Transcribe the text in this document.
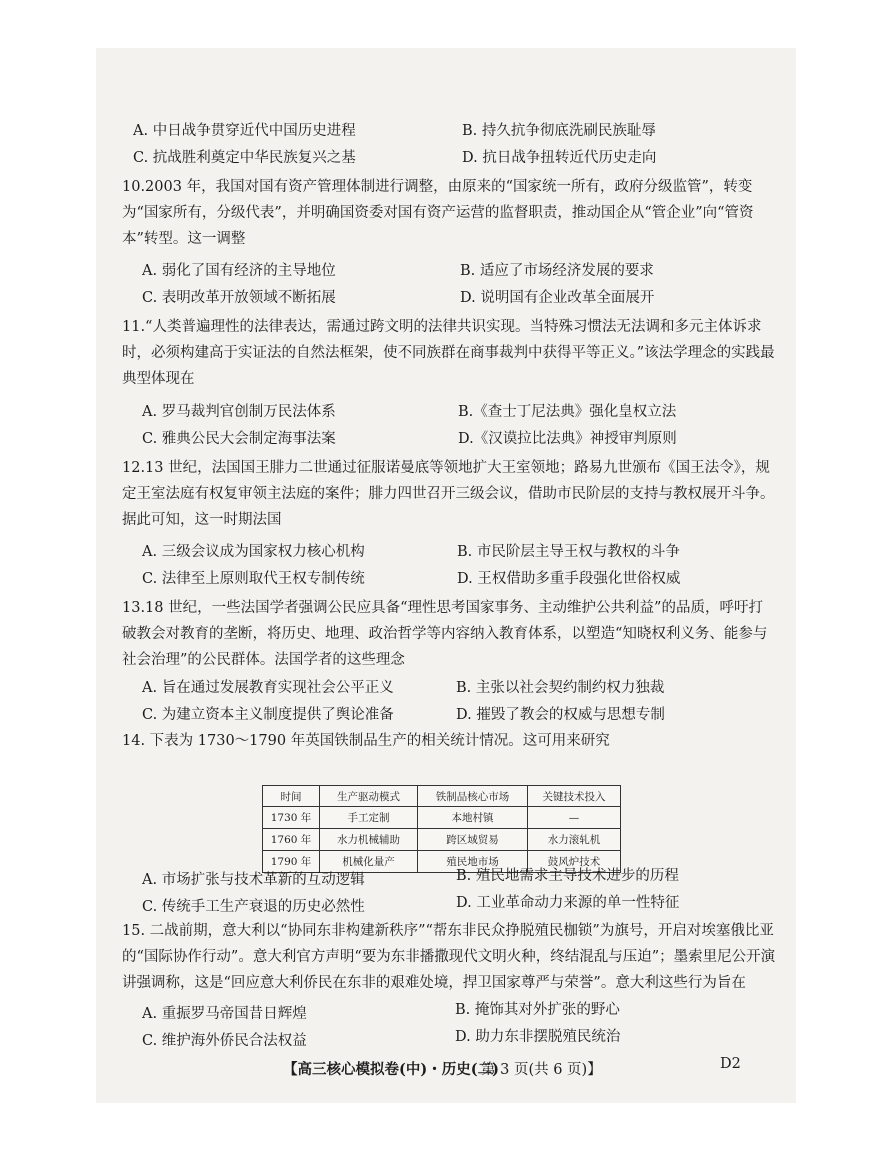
A. 中日战争贯穿近代中国历史进程	B. 持久抗争彻底洗刷民族耻辱
C. 抗战胜利奠定中华民族复兴之基	D. 抗日战争扭转近代历史走向
10.2003 年，我国对国有资产管理体制进行调整，由原来的“国家统一所有，政府分级监管”，转变为“国家所有，分级代表”，并明确国资委对国有资产运营的监督职责，推动国企从“管企业”向“管资本”转型。这一调整
A. 弱化了国有经济的主导地位	B. 适应了市场经济发展的要求
C. 表明改革开放领域不断拓展	D. 说明国有企业改革全面展开
11.“人类普遍理性的法律表达，需通过跨文明的法律共识实现。当特殊习惯法无法调和多元主体诉求时，必须构建高于实证法的自然法框架，使不同族群在商事裁判中获得平等正义。”该法学理念的实践最典型体现在
A. 罗马裁判官创制万民法体系	B.《查士丁尼法典》强化皇权立法
C. 雅典公民大会制定海事法案	D.《汉谟拉比法典》神授审判原则
12.13 世纪，法国国王腓力二世通过征服诺曼底等领地扩大王室领地；路易九世颁布《国王法令》，规定王室法庭有权复审领主法庭的案件；腓力四世召开三级会议，借助市民阶层的支持与教权展开斗争。据此可知，这一时期法国
A. 三级会议成为国家权力核心机构	B. 市民阶层主导王权与教权的斗争
C. 法律至上原则取代王权专制传统	D. 王权借助多重手段强化世俗权威
13.18 世纪，一些法国学者强调公民应具备“理性思考国家事务、主动维护公共利益”的品质，呼吁打破教会对教育的垄断，将历史、地理、政治哲学等内容纳入教育体系，以塑造“知晓权利义务、能参与社会治理”的公民群体。法国学者的这些理念
A. 旨在通过发展教育实现社会公平正义	B. 主张以社会契约制约权力独裁
C. 为建立资本主义制度提供了舆论准备	D. 摧毁了教会的权威与思想专制
14. 下表为 1730～1790 年英国铁制品生产的相关统计情况。这可用来研究
时间	生产驱动模式	铁制品核心市场	关键技术投入
1730 年	手工定制	本地村镇	—
1760 年	水力机械辅助	跨区域贸易	水力滚轧机
1790 年	机械化量产	殖民地市场	鼓风炉技术
A. 市场扩张与技术革新的互动逻辑	B. 殖民地需求主导技术进步的历程
C. 传统手工生产衰退的历史必然性	D. 工业革命动力来源的单一性特征
15. 二战前期，意大利以“协同东非构建新秩序”“帮东非民众挣脱殖民枷锁”为旗号，开启对埃塞俄比亚的“国际协作行动”。意大利官方声明“要为东非播撒现代文明火种，终结混乱与压迫”；墨索里尼公开演讲强调称，这是“回应意大利侨民在东非的艰难处境，捍卫国家尊严与荣誉”。意大利这些行为旨在
A. 重振罗马帝国昔日辉煌	B. 掩饰其对外扩张的野心
C. 维护海外侨民合法权益	D. 助力东非摆脱殖民统治
【高三核心模拟卷(中)・历史(二)
第 3 页(共 6 页)】	D2
